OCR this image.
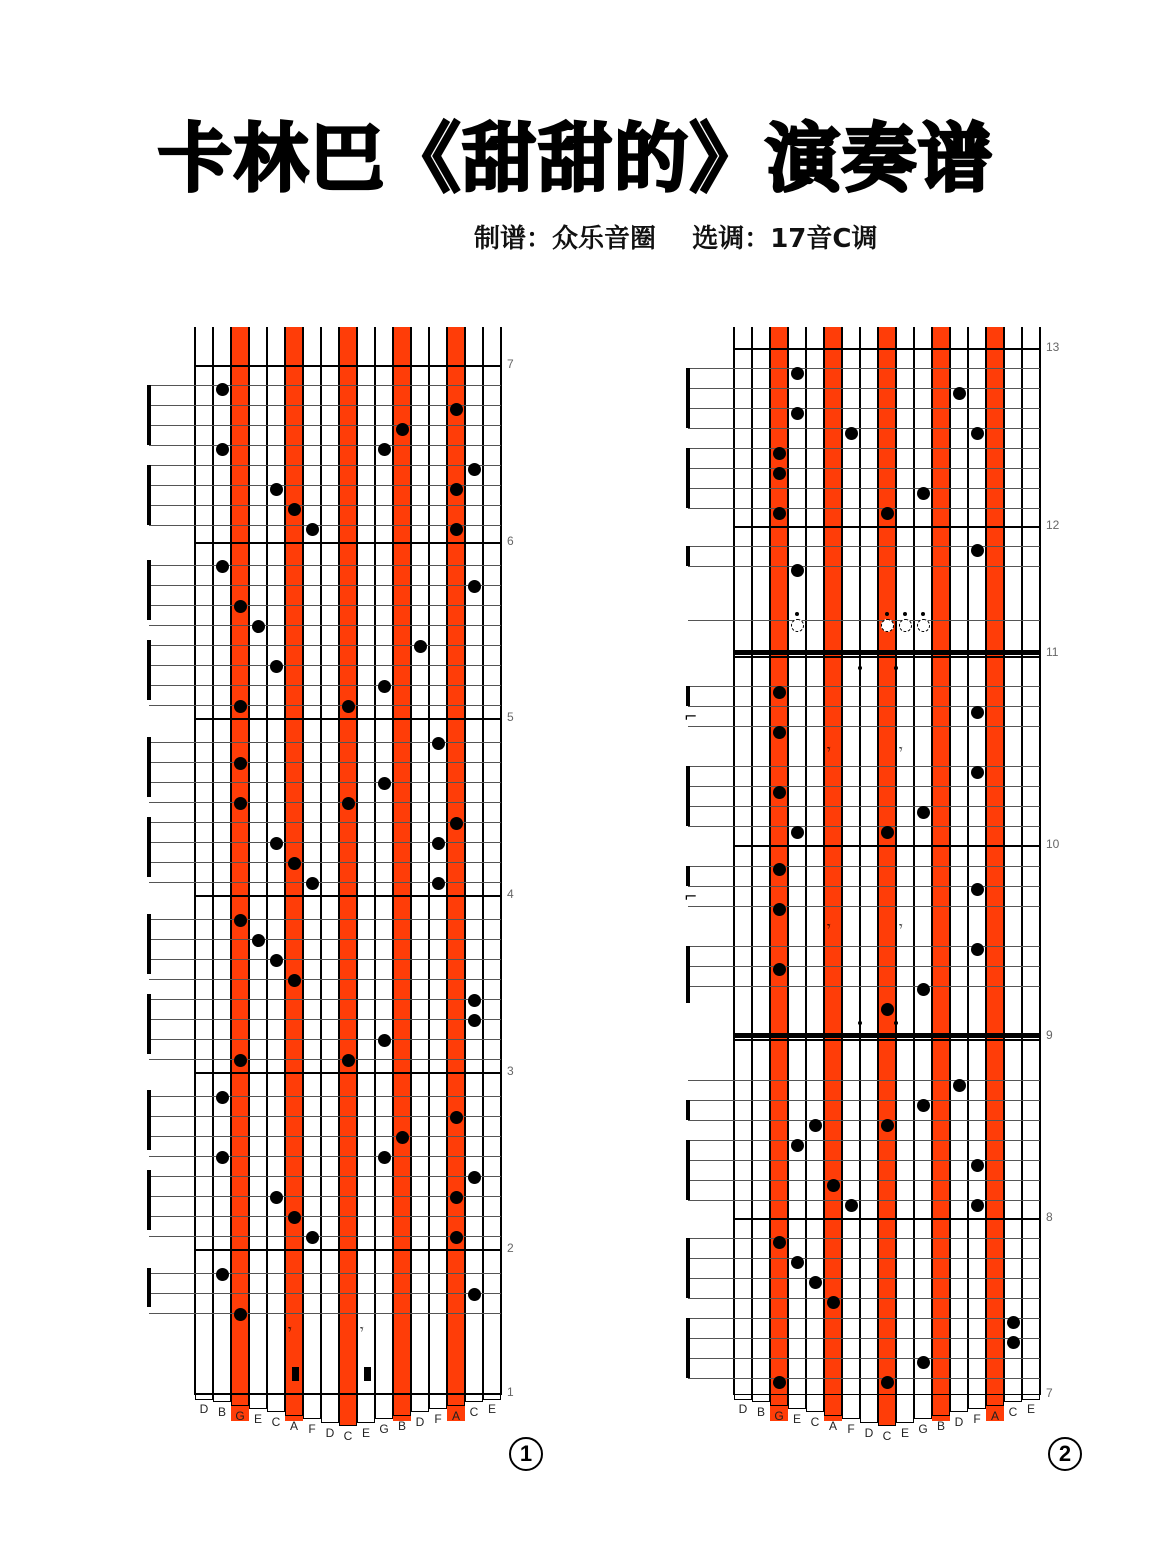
卡林巴《甜甜的》演奏谱
制谱：众乐音圈    选调：17音C调
7
6
5
4
3
2
1
𝄾	𝄾
D B G E C A F D C E G B D F A C E
1
13
12
11
10
9
8
7
𝄾	𝄾
𝄾	𝄾
⌐
⌐
D B G E C A F D C E G B D F A C E
2
